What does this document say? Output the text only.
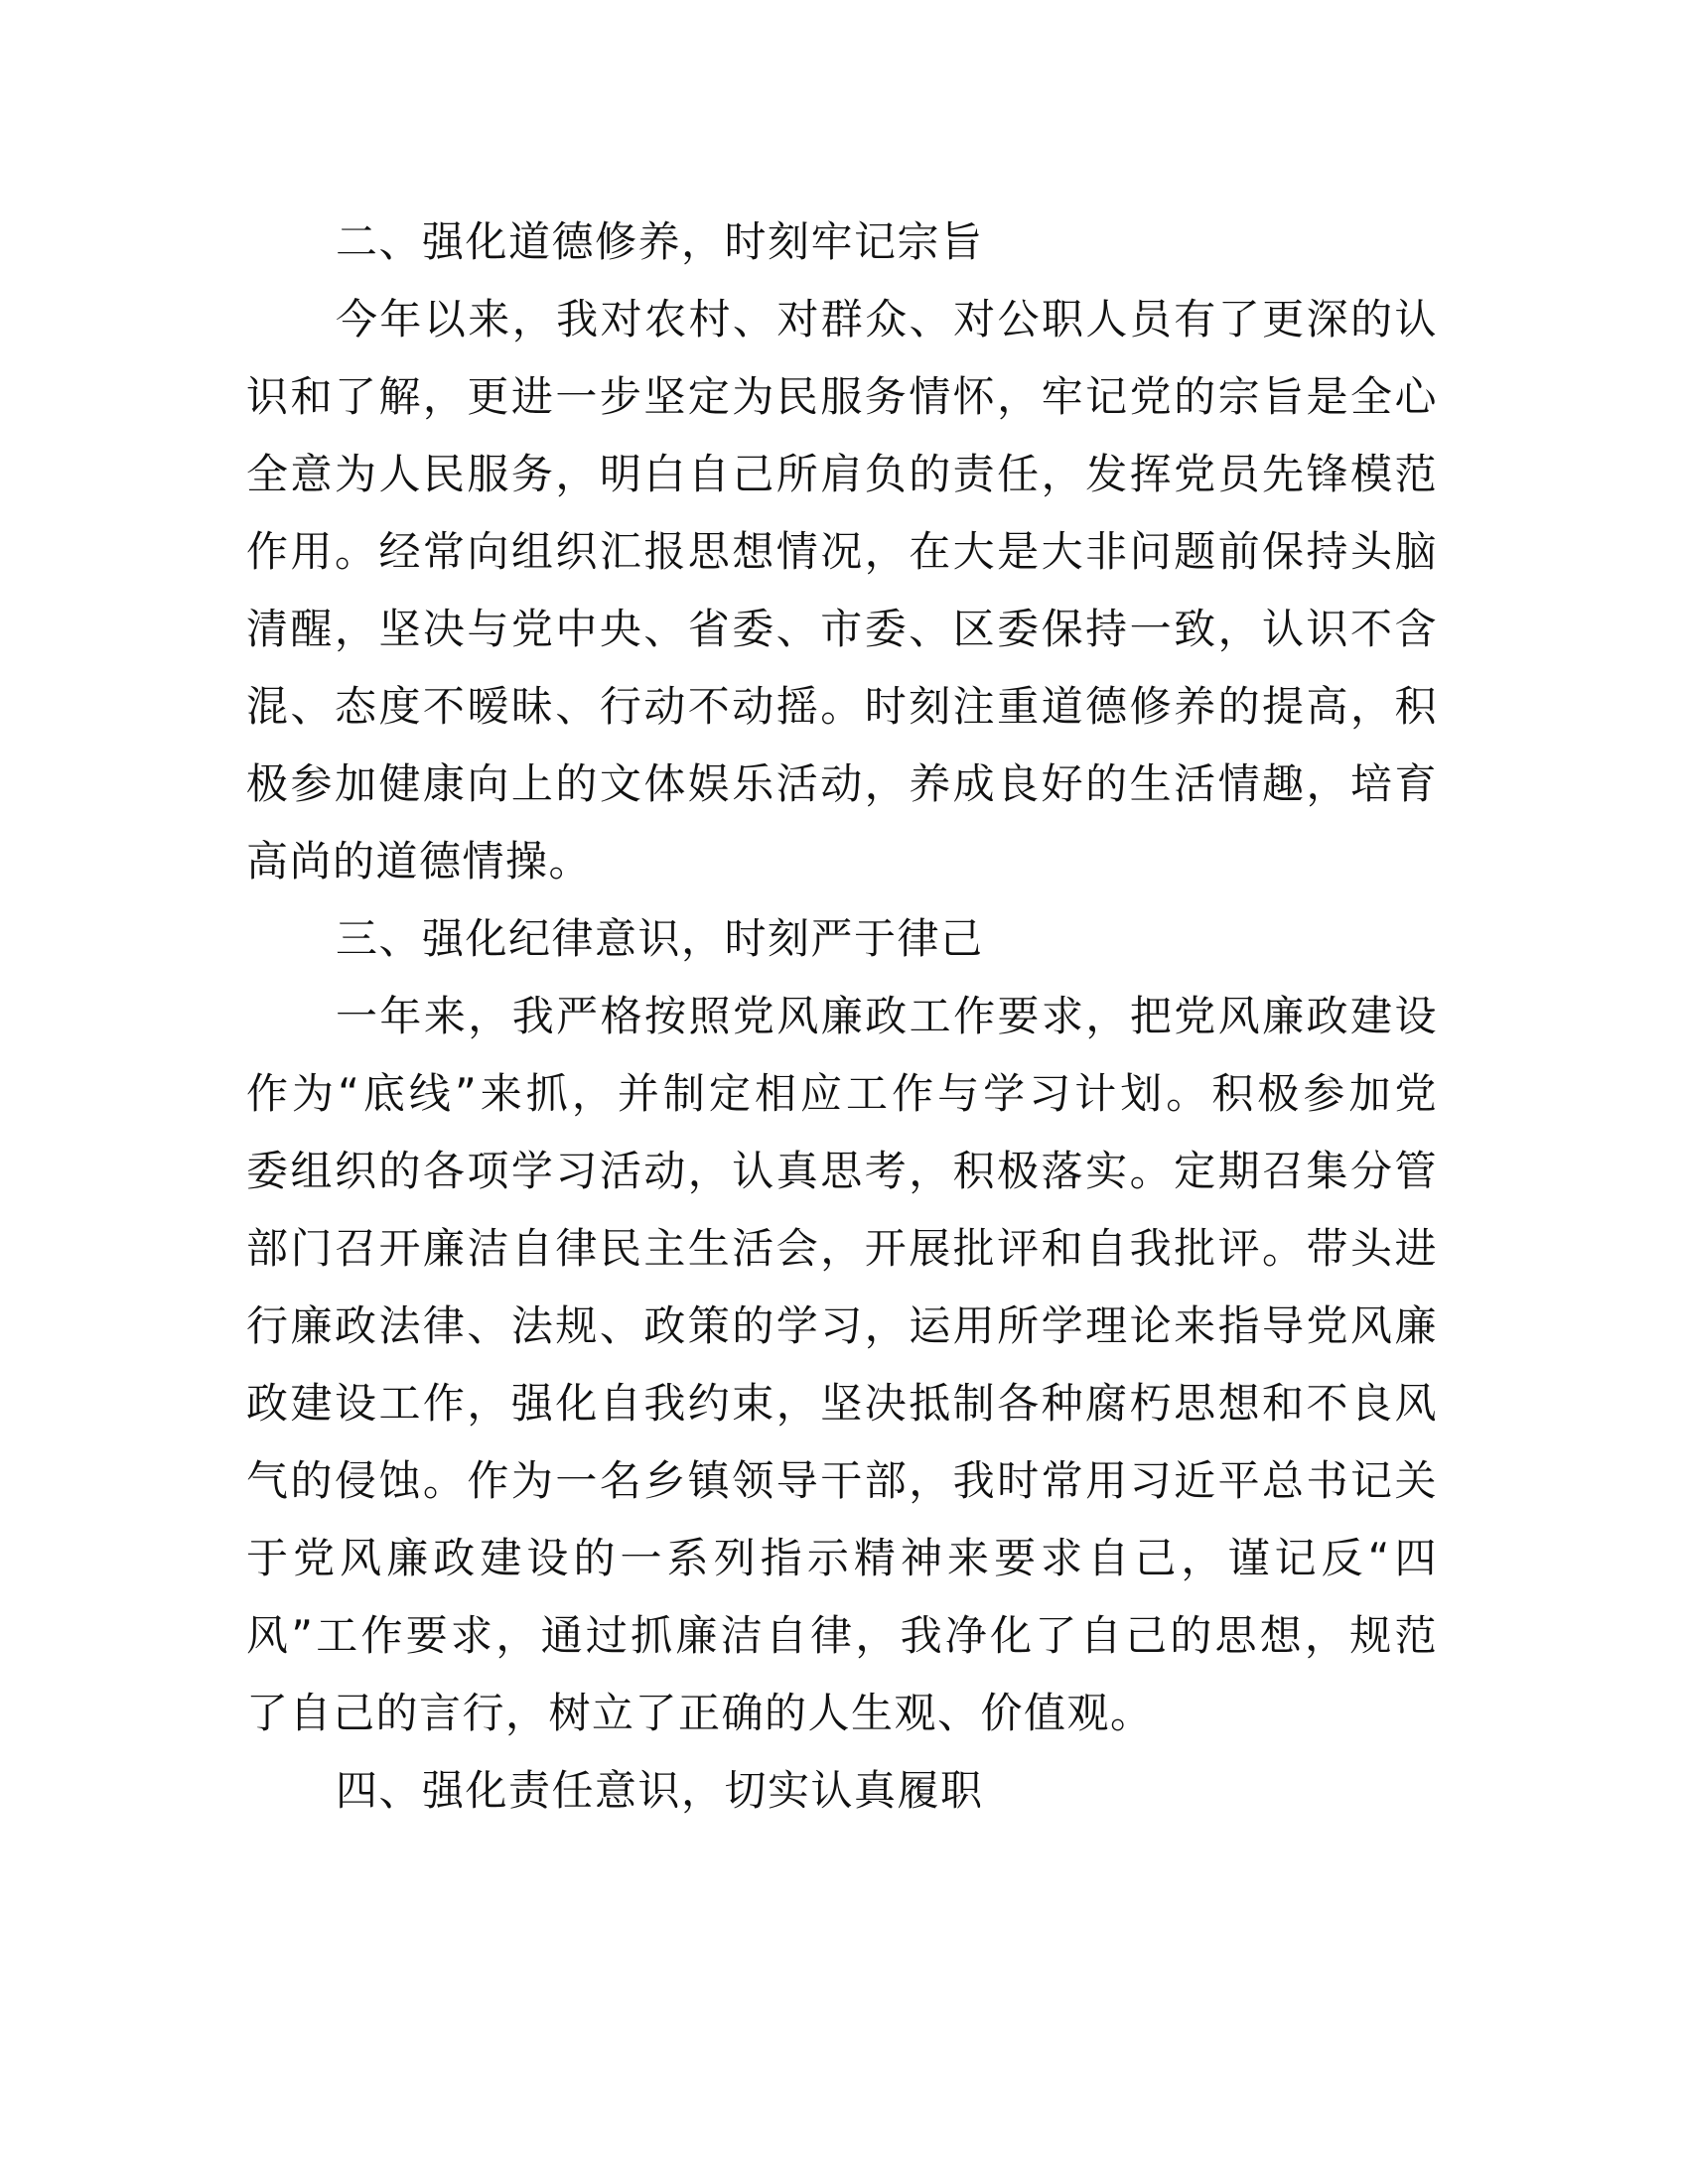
二、强化道德修养，时刻牢记宗旨
今年以来，我对农村、对群众、对公职人员有了更深的认
识和了解，更进一步坚定为民服务情怀，牢记党的宗旨是全心
全意为人民服务，明白自己所肩负的责任，发挥党员先锋模范
作用。经常向组织汇报思想情况，在大是大非问题前保持头脑
清醒，坚决与党中央、省委、市委、区委保持一致，认识不含
混、态度不暧昧、行动不动摇。时刻注重道德修养的提高，积
极参加健康向上的文体娱乐活动，养成良好的生活情趣，培育
高尚的道德情操。
三、强化纪律意识，时刻严于律己
一年来，我严格按照党风廉政工作要求，把党风廉政建设
作为“底线”来抓，并制定相应工作与学习计划。积极参加党
委组织的各项学习活动，认真思考，积极落实。定期召集分管
部门召开廉洁自律民主生活会，开展批评和自我批评。带头进
行廉政法律、法规、政策的学习，运用所学理论来指导党风廉
政建设工作，强化自我约束，坚决抵制各种腐朽思想和不良风
气的侵蚀。作为一名乡镇领导干部，我时常用习近平总书记关
于党风廉政建设的一系列指示精神来要求自己，谨记反“四
风”工作要求，通过抓廉洁自律，我净化了自己的思想，规范
了自己的言行，树立了正确的人生观、价值观。
四、强化责任意识，切实认真履职
